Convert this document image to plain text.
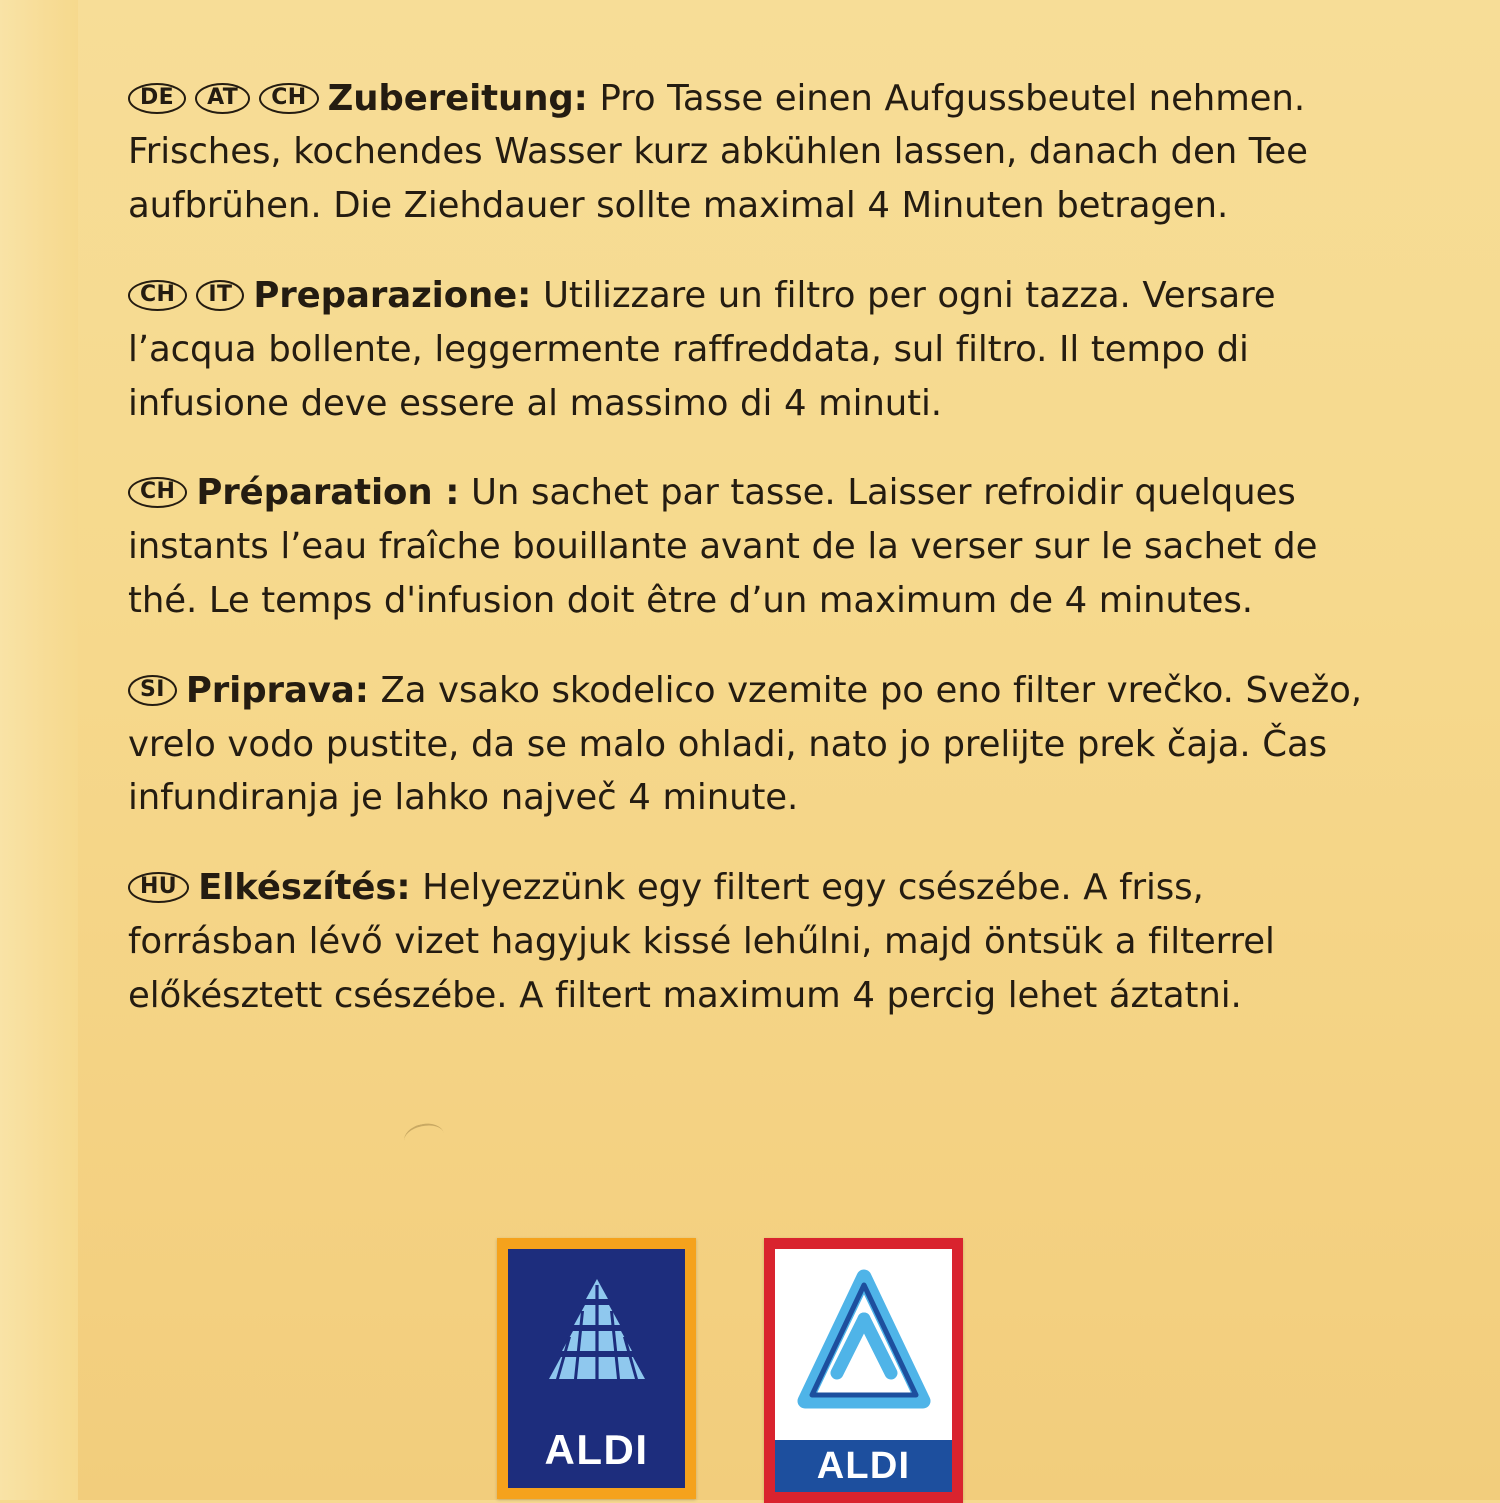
DE AT CH Zubereitung: Pro Tasse einen Aufgussbeutel nehmen. Frisches, kochendes Wasser kurz abkühlen lassen, danach den Tee aufbrühen. Die Ziehdauer sollte maximal 4 Minuten betragen.

CH IT Preparazione: Utilizzare un filtro per ogni tazza. Versare l’acqua bollente, leggermente raffreddata, sul filtro. Il tempo di infusione deve essere al massimo di 4 minuti.

CH Préparation : Un sachet par tasse. Laisser refroidir quelques instants l’eau fraîche bouillante avant de la verser sur le sachet de thé. Le temps d'infusion doit être d’un maximum de 4 minutes.

SI Priprava: Za vsako skodelico vzemite po eno filter vrečko. Svežo, vrelo vodo pustite, da se malo ohladi, nato jo prelijte prek čaja. Čas infundiranja je lahko največ 4 minute.

HU Elkészítés: Helyezzünk egy filtert egy csészébe. A friss, forrásban lévő vizet hagyjuk kissé lehűlni, majd öntsük a filterrel előkésztett csészébe. A filtert maximum 4 percig lehet áztatni.

ALDI	ALDI
